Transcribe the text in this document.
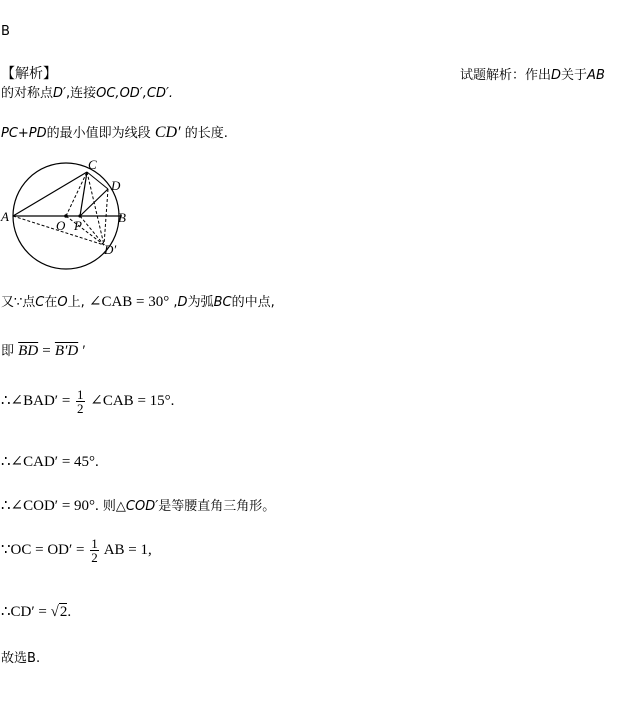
B
【解析】	试题解析：作出D关于AB
的对称点D′,连接OC,OD′,CD′.
PC+PD的最小值即为线段 CD′ 的长度.
A	B
C
D
O P
D′
又∵点C在O上, ∠CAB = 30° ,D为弧BC的中点,
即 $\overline{BD} = B'D$ ′
∴∠BAD′ = $\frac{1}{2}$ ∠CAB = 15°.
∴∠CAD′ = 45°.
∴∠COD′ = 90°. 则△COD′是等腰直角三角形。
∵OC = $OD' = \frac{1}{2}$ AB = 1,
∴CD′ = √2.
故选B.
